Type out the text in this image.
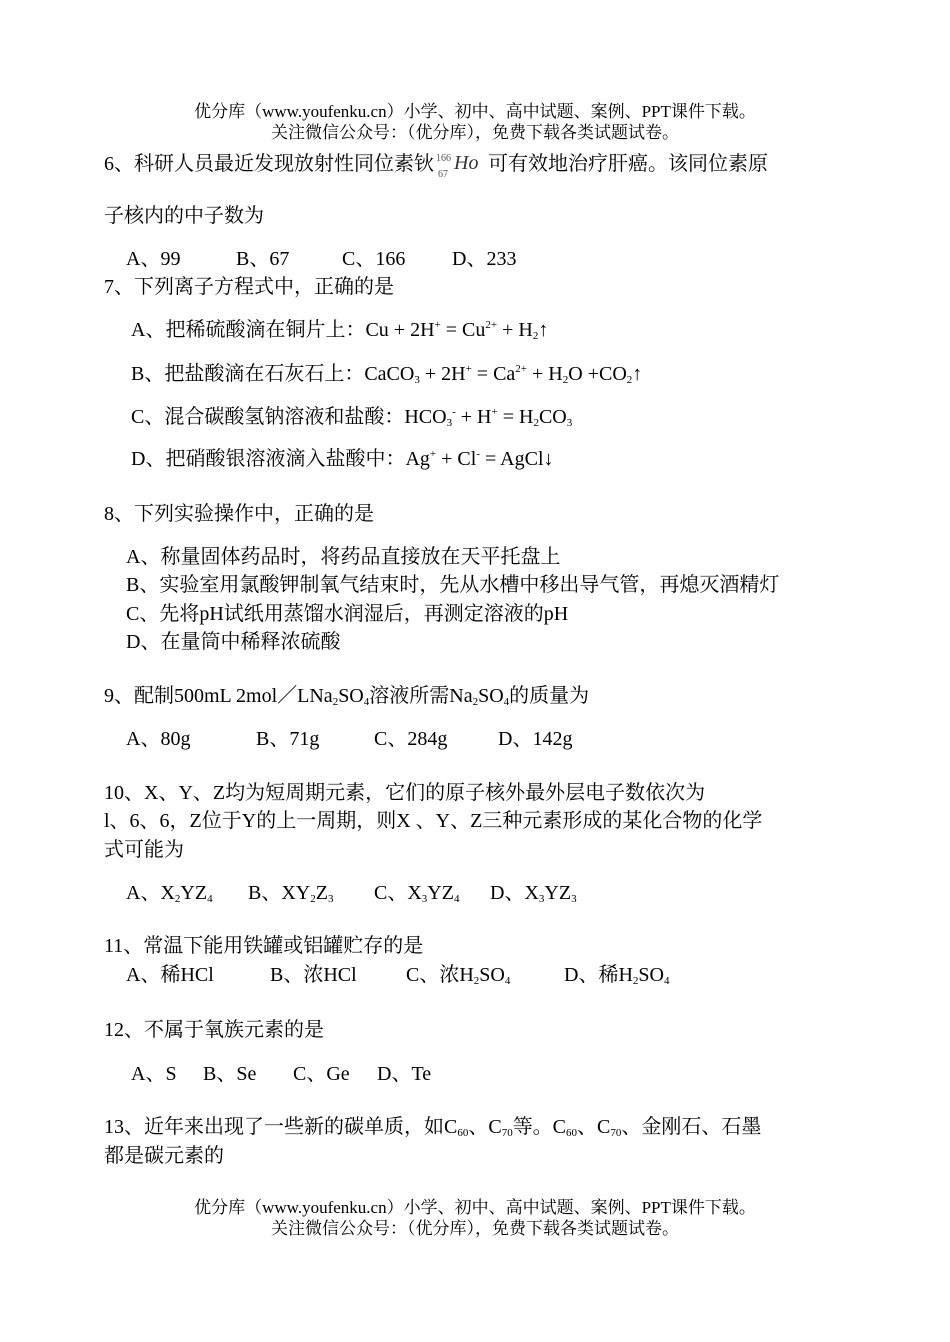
优分库（www.youfenku.cn）小学、初中、高中试题、案例、PPT课件下载。
关注微信公众号：（优分库），免费下载各类试题试卷。
6、科研人员最近发现放射性同位素钬 166
67
Ho 可有效地治疗肝癌。该同位素原
子核内的中子数为
A、99	B、67	C、166 D、233
7、下列离子方程式中，正确的是
A、把稀硫酸滴在铜片上：$Cu + 2H^+ = Cu^{2+}$ + $H_2↑$
B、把盐酸滴在石灰石上：CaCO$_3$ + $2H^+ = Ca^{2+} + H_2O$ $+CO_2↑$
C、混合碳酸氢钠溶液和盐酸：$HCO_3^- + H^+ = H_2CO_3$
D、把硝酸银溶液滴入盐酸中：Ag+ + Cl- = AgCl↓
8、下列实验操作中，正确的是
A、称量固体药品时，将药品直接放在天平托盘上
B、实验室用氯酸钾制氧气结束时，先从水槽中移出导气管，再熄灭酒精灯
C、先将pH试纸用蒸馏水润湿后，再测定溶液的pH
D、在量筒中稀释浓硫酸
9、配制500mL $2mol/LNa_2SO_4$溶液所需$Na_2SO_4$的质量为
A、80g	B、71g	C、284g	D、142g
10、X、Y、Z均为短周期元素，它们的原子核外最外层电子数依次为
l、6、6，Z位于Y的上一周期，则X 、Y、Z三种元素形成的某化合物的化学
式可能为
A、$X_2YZ_4$ B、$XY_2Z_3$ C、$X_3YZ_4$ D、$X_3YZ_3$
11、常温下能用铁罐或铝罐贮存的是
A、稀HCl	B、浓HCl C、浓$H_2SO_4$	D、稀$H_2SO_4$
12、不属于氧族元素的是
A、S B、Se C、Ge D、Te
13、近年来出现了一些新的碳单质，如$C_{60}$、$C_{70}$等。$C_{60}$、$C_{70}$、金刚石、石墨
都是碳元素的
优分库（www.youfenku.cn）小学、初中、高中试题、案例、PPT课件下载。
关注微信公众号：（优分库），免费下载各类试题试卷。
